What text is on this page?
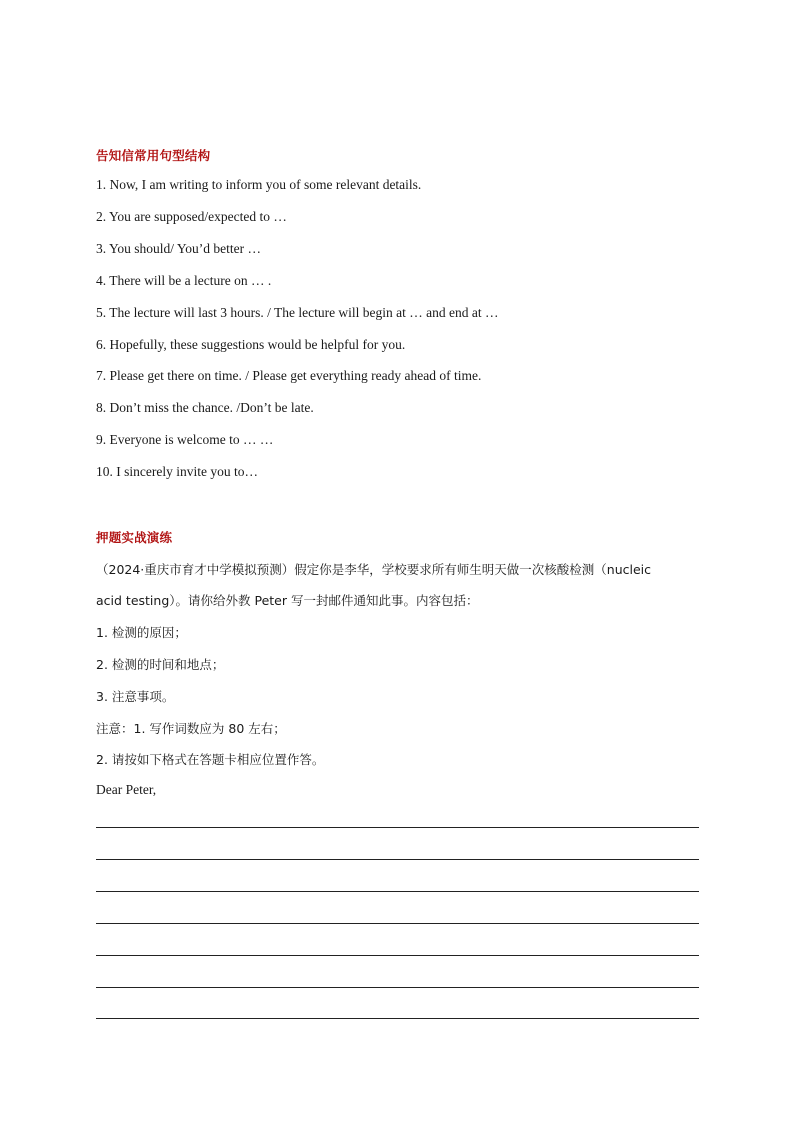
告知信常用句型结构
1. Now, I am writing to inform you of some relevant details.
2. You are supposed/expected to …
3. You should/ You’d better …
4. There will be a lecture on … .
5. The lecture will last 3 hours. / The lecture will begin at … and end at …
6. Hopefully, these suggestions would be helpful for you.
7. Please get there on time. / Please get everything ready ahead of time.
8. Don’t miss the chance. /Don’t be late.
9. Everyone is welcome to … …
10. I sincerely invite you to…
押题实战演练
（2024·重庆市育才中学模拟预测）假定你是李华，学校要求所有师生明天做一次核酸检测（nucleic
acid testing）。请你给外教 Peter 写一封邮件通知此事。内容包括：
1. 检测的原因；
2. 检测的时间和地点；
3. 注意事项。
注意：1. 写作词数应为 80 左右；
2. 请按如下格式在答题卡相应位置作答。
Dear Peter,
